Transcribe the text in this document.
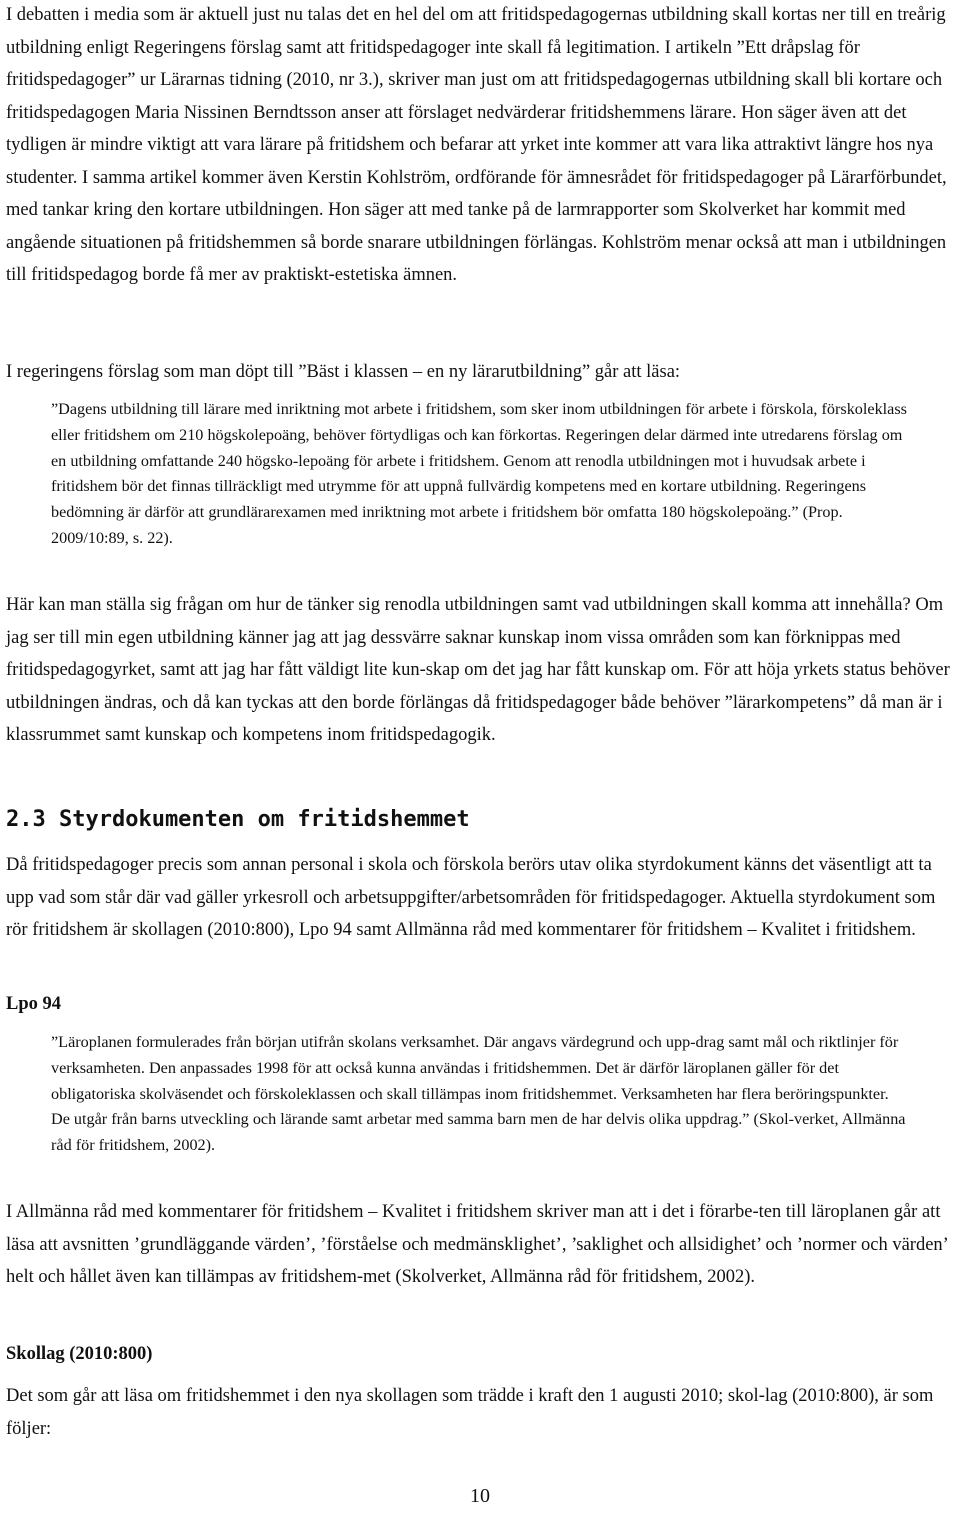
I debatten i media som är aktuell just nu talas det en hel del om att fritidspedagogernas utbildning skall kortas ner till en treårig utbildning enligt Regeringens förslag samt att fritidspedagoger inte skall få legitimation. I artikeln ”Ett dråpslag för fritidspedagoger” ur Lärarnas tidning (2010, nr 3.), skriver man just om att fritidspedagogernas utbildning skall bli kortare och fritidspedagogen Maria Nissinen Berndtsson anser att förslaget nedvärderar fritidshemmens lärare. Hon säger även att det tydligen är mindre viktigt att vara lärare på fritidshem och befarar att yrket inte kommer att vara lika attraktivt längre hos nya studenter. I samma artikel kommer även Kerstin Kohlström, ordförande för ämnesrådet för fritidspedagoger på Lärarförbundet, med tankar kring den kortare utbildningen. Hon säger att med tanke på de larmrapporter som Skolverket har kommit med angående situationen på fritidshemmen så borde snarare utbildningen förlängas. Kohlström menar också att man i utbildningen till fritidspedagog borde få mer av praktiskt-estetiska ämnen.

I regeringens förslag som man döpt till ”Bäst i klassen – en ny lärarutbildning” går att läsa:

”Dagens utbildning till lärare med inriktning mot arbete i fritidshem, som sker inom utbildningen för arbete i förskola, förskoleklass eller fritidshem om 210 högskolepoäng, behöver förtydligas och kan förkortas. Regeringen delar därmed inte utredarens förslag om en utbildning omfattande 240 högsko-lepoäng för arbete i fritidshem. Genom att renodla utbildningen mot i huvudsak arbete i fritidshem bör det finnas tillräckligt med utrymme för att uppnå fullvärdig kompetens med en kortare utbildning. Regeringens bedömning är därför att grundlärarexamen med inriktning mot arbete i fritidshem bör omfatta 180 högskolepoäng.” (Prop. 2009/10:89, s. 22).

Här kan man ställa sig frågan om hur de tänker sig renodla utbildningen samt vad utbildningen skall komma att innehålla? Om jag ser till min egen utbildning känner jag att jag dessvärre saknar kunskap inom vissa områden som kan förknippas med fritidspedagogyrket, samt att jag har fått väldigt lite kun-skap om det jag har fått kunskap om. För att höja yrkets status behöver utbildningen ändras, och då kan tyckas att den borde förlängas då fritidspedagoger både behöver ”lärarkompetens” då man är i klassrummet samt kunskap och kompetens inom fritidspedagogik.

2.3 Styrdokumenten om fritidshemmet

Då fritidspedagoger precis som annan personal i skola och förskola berörs utav olika styrdokument känns det väsentligt att ta upp vad som står där vad gäller yrkesroll och arbetsuppgifter/arbetsområden för fritidspedagoger. Aktuella styrdokument som rör fritidshem är skollagen (2010:800), Lpo 94 samt Allmänna råd med kommentarer för fritidshem – Kvalitet i fritidshem.

Lpo 94

”Läroplanen formulerades från början utifrån skolans verksamhet. Där angavs värdegrund och upp-drag samt mål och riktlinjer för verksamheten. Den anpassades 1998 för att också kunna användas i fritidshemmen. Det är därför läroplanen gäller för det obligatoriska skolväsendet och förskoleklassen och skall tillämpas inom fritidshemmet. Verksamheten har flera beröringspunkter. De utgår från barns utveckling och lärande samt arbetar med samma barn men de har delvis olika uppdrag.” (Skol-verket, Allmänna råd för fritidshem, 2002).

I Allmänna råd med kommentarer för fritidshem – Kvalitet i fritidshem skriver man att i det i förarbe-ten till läroplanen går att läsa att avsnitten ’grundläggande värden’, ’förståelse och medmänsklighet’, ’saklighet och allsidighet’ och ’normer och värden’ helt och hållet även kan tillämpas av fritidshem-met (Skolverket, Allmänna råd för fritidshem, 2002).

Skollag (2010:800)

Det som går att läsa om fritidshemmet i den nya skollagen som trädde i kraft den 1 augusti 2010; skol-lag (2010:800), är som följer:

10
